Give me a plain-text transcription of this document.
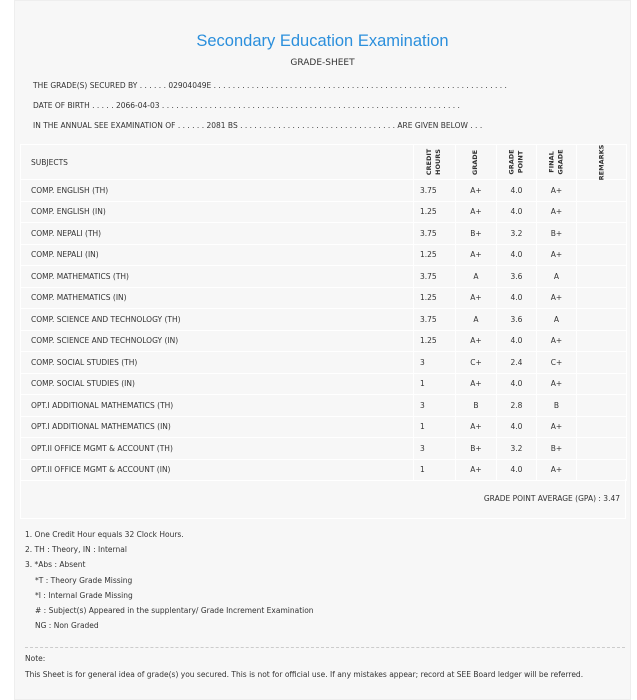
Secondary Education Examination
GRADE-SHEET
THE GRADE(S) SECURED BY . . . . . . 02904049E . . . . . . . . . . . . . . . . . . . . . . . . . . . . . . . . . . . . . . . . . . . . . . . . . . . . . . . . . . . . . .
DATE OF BIRTH . . . . . 2066-04-03 . . . . . . . . . . . . . . . . . . . . . . . . . . . . . . . . . . . . . . . . . . . . . . . . . . . . . . . . . . . . . . .
IN THE ANNUAL SEE EXAMINATION OF . . . . . . 2081 BS . . . . . . . . . . . . . . . . . . . . . . . . . . . . . . . . . ARE GIVEN BELOW . . .
SUBJECTS	CREDIT HOURS	GRADE	GRADE POINT	FINAL GRADE	REMARKS

COMP. ENGLISH (TH)	3.75	A+	4.0	A+	
COMP. ENGLISH (IN)	1.25	A+	4.0	A+	
COMP. NEPALI (TH)	3.75	B+	3.2	B+	
COMP. NEPALI (IN)	1.25	A+	4.0	A+	
COMP. MATHEMATICS (TH)	3.75	A	3.6	A	
COMP. MATHEMATICS (IN)	1.25	A+	4.0	A+	
COMP. SCIENCE AND TECHNOLOGY (TH)	3.75	A	3.6	A	
COMP. SCIENCE AND TECHNOLOGY (IN)	1.25	A+	4.0	A+	
COMP. SOCIAL STUDIES (TH)	3	C+	2.4	C+	
COMP. SOCIAL STUDIES (IN)	1	A+	4.0	A+	
OPT.I ADDITIONAL MATHEMATICS (TH)	3	B	2.8	B	
OPT.I ADDITIONAL MATHEMATICS (IN)	1	A+	4.0	A+	
OPT.II OFFICE MGMT & ACCOUNT (TH)	3	B+	3.2	B+	
OPT.II OFFICE MGMT & ACCOUNT (IN)	1	A+	4.0	A+	
GRADE POINT AVERAGE (GPA) : 3.47
1. One Credit Hour equals 32 Clock Hours.
2. TH : Theory, IN : Internal
3. *Abs : Absent
*T : Theory Grade Missing
*I : Internal Grade Missing
# : Subject(s) Appeared in the supplentary/ Grade Increment Examination
NG : Non Graded
Note:
This Sheet is for general idea of grade(s) you secured. This is not for official use. If any mistakes appear; record at SEE Board ledger will be referred.
